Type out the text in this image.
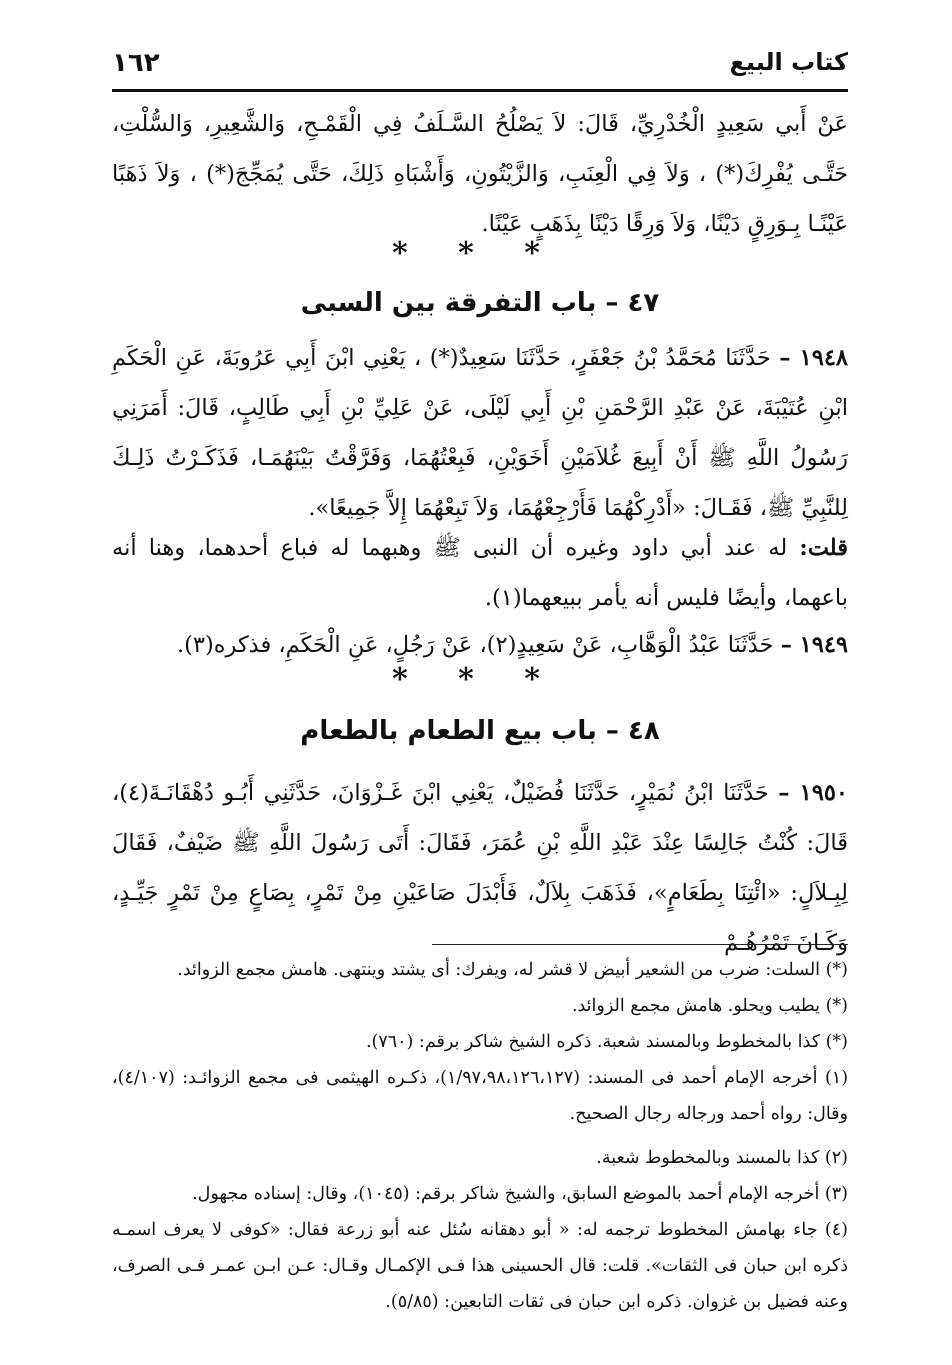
كتاب البيع
١٦٢

عَنْ أَبي سَعِيدٍ الْخُدْرِيِّ، قَالَ: لاَ يَصْلُحُ السَّـلَفُ فِي الْقَمْـحِ، وَالشَّعِيرِ، وَالسُّلْتِ، حَتَّـى يُفْرِكَ(*) ، وَلاَ فِي الْعِنَبِ، وَالزَّيْتُونِ، وَأَشْبَاهِ ذَلِكَ، حَتَّى يُمَجِّجَ(*) ، وَلاَ ذَهَبًا عَيْنًـا بِـوَرِقٍ دَيْنًا، وَلاَ وَرِقًا دَيْنًا بِذَهَبٍ عَيْنًا.

* * *
٤٧ – باب التفرقة بين السبى

١٩٤٨ – حَدَّثَنَا مُحَمَّدُ بْنُ جَعْفَرٍ، حَدَّثَنَا سَعِيدٌ(*) ، يَعْنِي ابْنَ أَبِي عَرُوبَةَ، عَنِ الْحَكَمِ ابْنِ عُتَيْبَةَ، عَنْ عَبْدِ الرَّحْمَنِ بْنِ أَبِي لَيْلَى، عَنْ عَلِيِّ بْنِ أَبِي طَالِبٍ، قَالَ: أَمَرَنِي رَسُولُ اللَّهِ ﷺ أَنْ أَبِيعَ غُلاَمَيْنِ أَخَوَيْنِ، فَبِعْتُهُمَا، وَفَرَّقْتُ بَيْنَهُمَـا، فَذَكَـرْتُ ذَلِـكَ لِلنَّبِيِّ ﷺ، فَقَـالَ: «أَدْرِكْهُمَا فَأَرْجِعْهُمَا، وَلاَ تَبِعْهُمَا إِلاَّ جَمِيعًا».

قلت: له عند أبي داود وغيره أن النبى ﷺ وهبهما له فباع أحدهما، وهنا أنه باعهما، وأيضًا فليس أنه يأمر ببيعهما(١).

١٩٤٩ – حَدَّثَنَا عَبْدُ الْوَهَّابِ، عَنْ سَعِيدٍ(٢)، عَنْ رَجُلٍ، عَنِ الْحَكَمِ، فذكره(٣).

* * *
٤٨ – باب بيع الطعام بالطعام

١٩٥٠ – حَدَّثَنَا ابْنُ نُمَيْرٍ، حَدَّثَنَا فُضَيْلٌ، يَعْنِي ابْنَ غَـزْوَانَ، حَدَّثَنِي أَبُـو دُهْقَانَـةَ(٤)، قَالَ: كُنْتُ جَالِسًا عِنْدَ عَبْدِ اللَّهِ بْنِ عُمَرَ، فَقَالَ: أَتَى رَسُولَ اللَّهِ ﷺ ضَيْفٌ، فَقَالَ لِبِـلاَلٍ: «ائْتِنَا بِطَعَامٍ»، فَذَهَبَ بِلاَلٌ، فَأَبْدَلَ صَاعَيْنِ مِنْ تَمْرٍ، بِصَاعٍ مِنْ تَمْرٍ جَيِّـدٍ، وَكَـانَ تَمْرُهُـمْ

(*) السلت: ضرب من الشعير أبيض لا قشر له، ويفرك: أى يشتد وينتهى. هامش مجمع الزوائد.

(*) يطيب ويحلو. هامش مجمع الزوائد.

(*) كذا بالمخطوط وبالمسند شعبة. ذكره الشيخ شاكر برقم: (٧٦٠).

(١) أخرجه الإمام أحمد فى المسند: (١/٩٧،٩٨،١٢٦،١٢٧)، ذكـره الهيثمى فى مجمع الزوائـد: (٤/١٠٧)، وقال: رواه أحمد ورجاله رجال الصحيح.

(٢) كذا بالمسند وبالمخطوط شعبة.

(٣) أخرجه الإمام أحمد بالموضع السابق، والشيخ شاكر برقم: (١٠٤٥)، وقال: إسناده مجهول.

(٤) جاء بهامش المخطوط ترجمه له: « أبو دهقانه سُئل عنه أبو زرعة فقال: «كوفى لا يعرف اسمـه ذكره ابن حبان فى الثقات». قلت: قال الحسينى هذا فـى الإكمـال وقـال: عـن ابـن عمـر فـى الصرف، وعنه فضيل بن غزوان. ذكره ابن حبان فى ثقات التابعين: (٥/٨٥).
